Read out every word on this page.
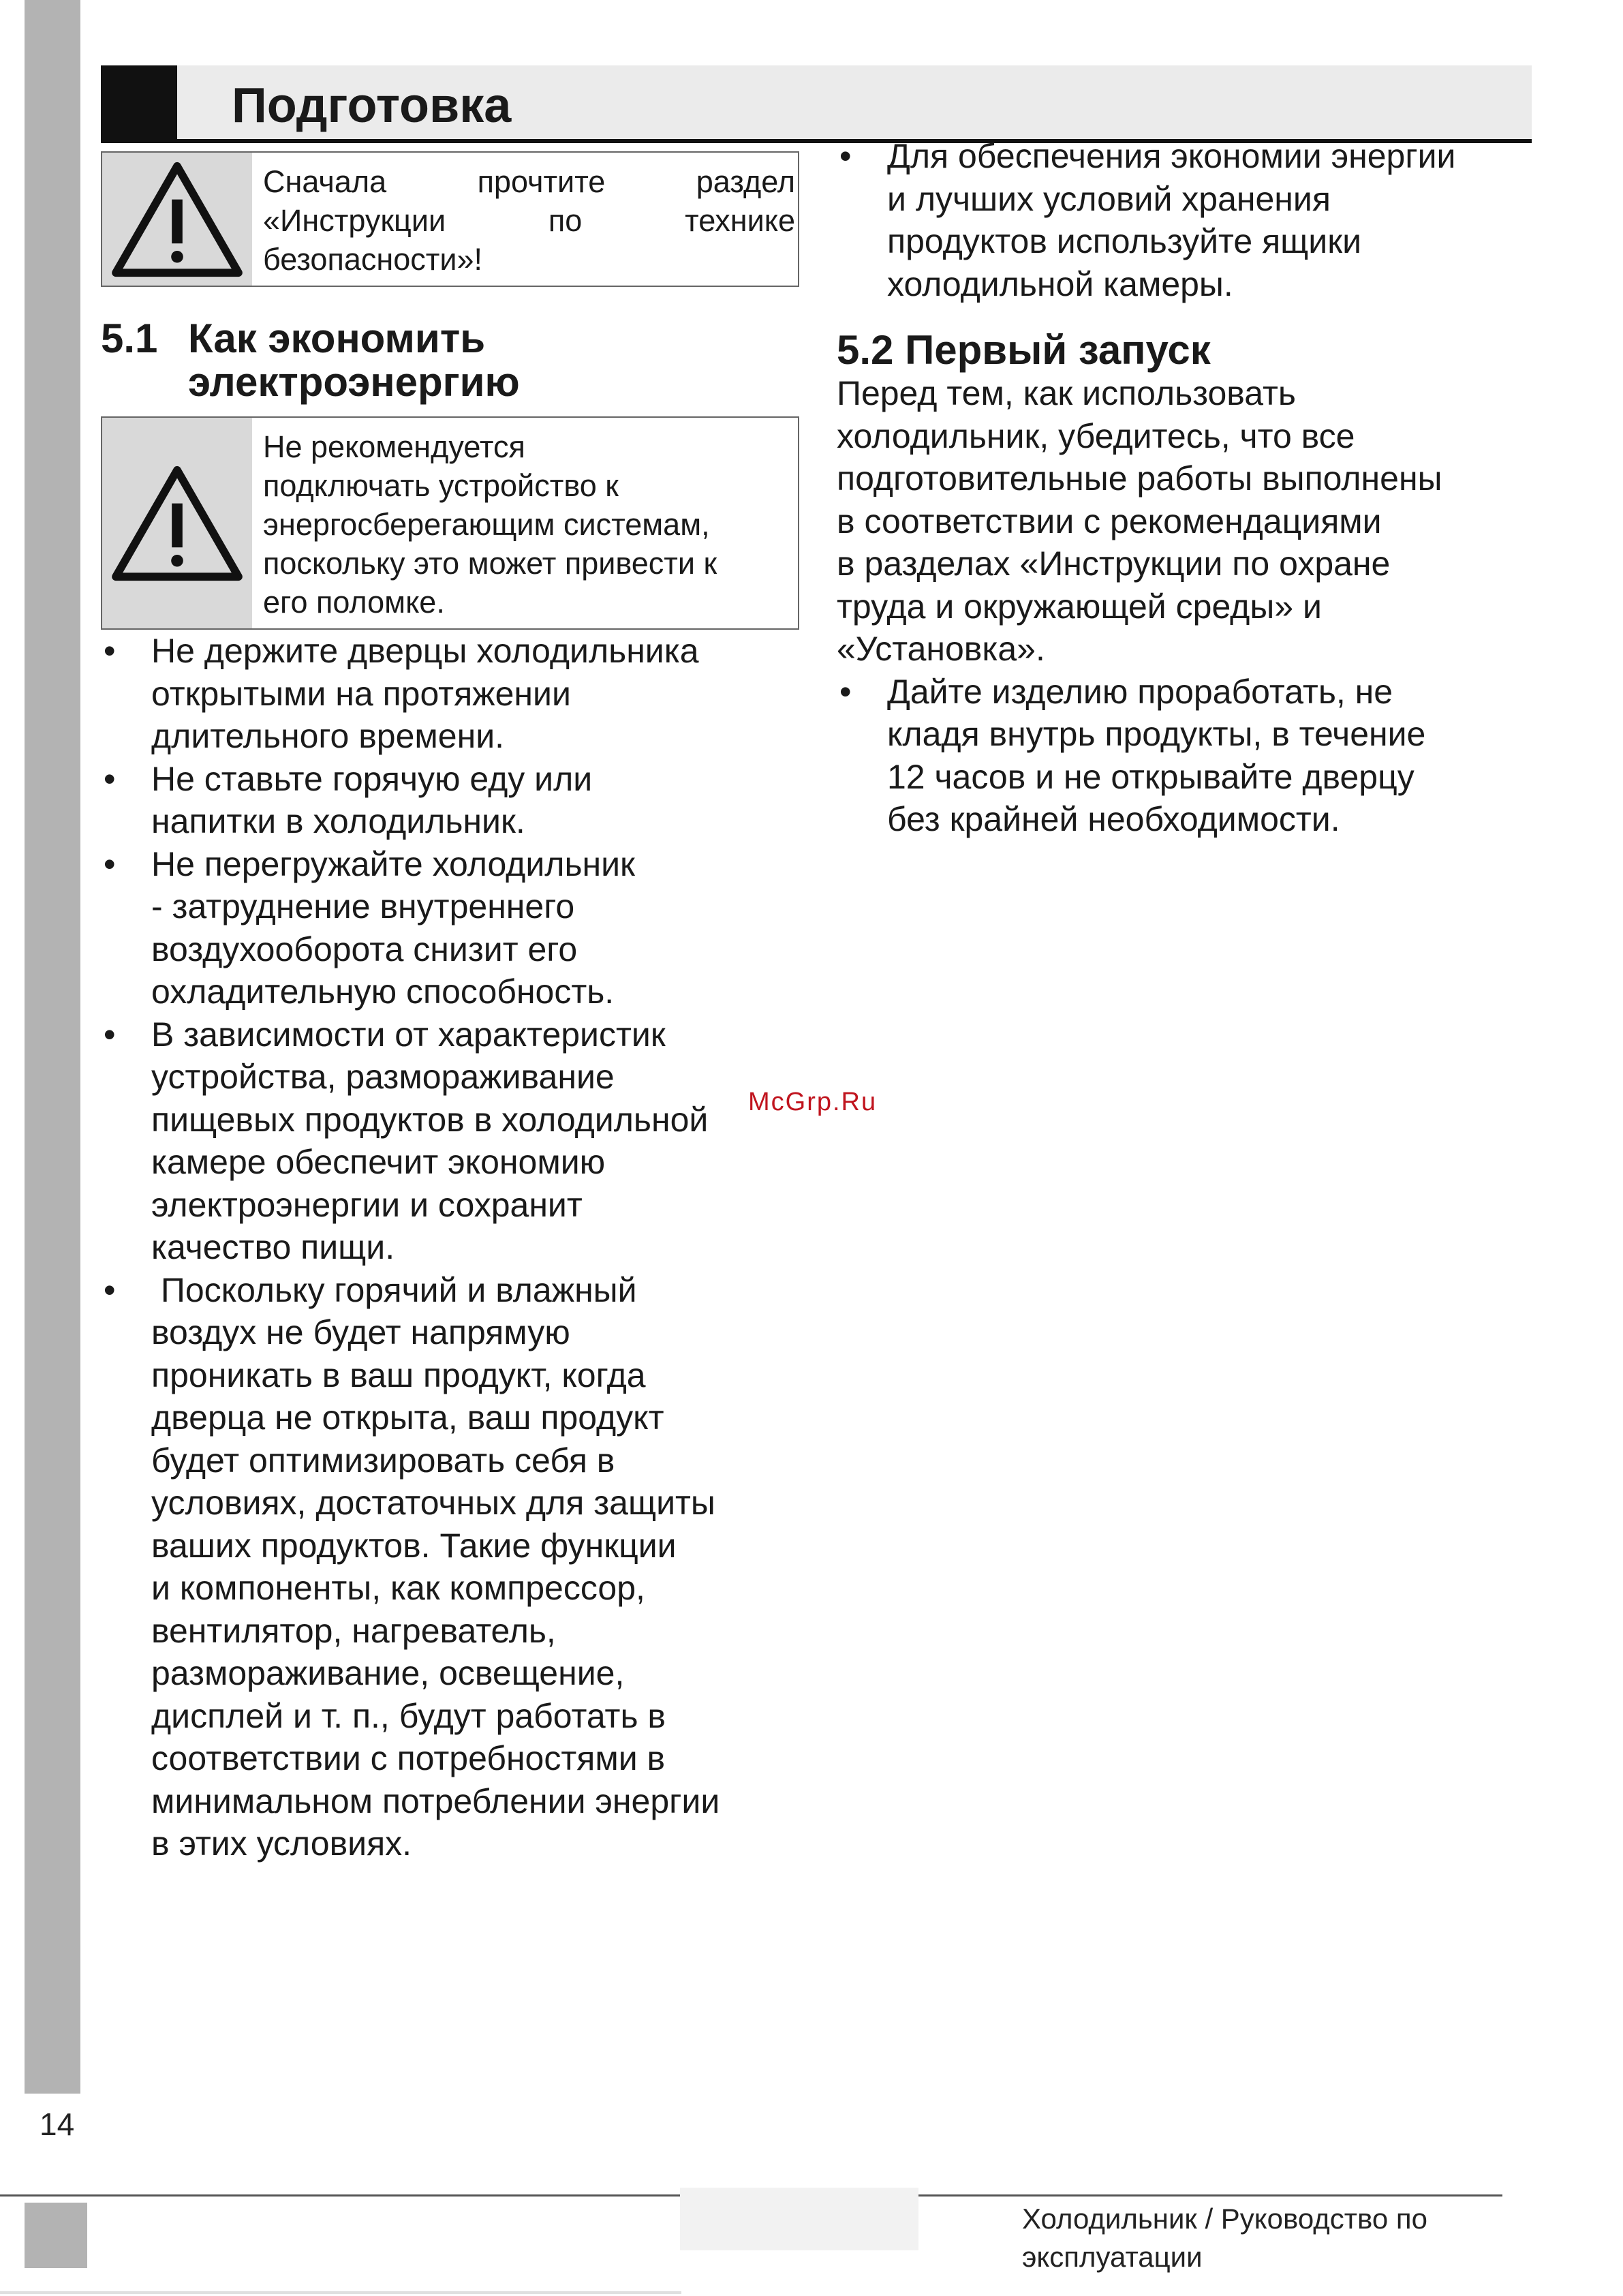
14
Подготовка
Сначала прочтите раздел «Инструкции по технике
безопасности»!
5.1 Как экономить
электроэнергию
Не рекомендуется
подключать устройство к
энергосберегающим системам,
поскольку это может привести к
его поломке.
• Не держите дверцы холодильника
открытыми на протяжении
длительного времени.
• Не ставьте горячую еду или
напитки в холодильник.
• Не перегружайте холодильник
- затруднение внутреннего
воздухооборота снизит его
охладительную способность.
• В зависимости от характеристик
устройства, размораживание
пищевых продуктов в холодильной
камере обеспечит экономию
электроэнергии и сохранит
качество пищи.
• Поскольку горячий и влажный
воздух не будет напрямую
проникать в ваш продукт, когда
дверца не открыта, ваш продукт
будет оптимизировать себя в
условиях, достаточных для защиты
ваших продуктов. Такие функции
и компоненты, как компрессор,
вентилятор, нагреватель,
размораживание, освещение,
дисплей и т. п., будут работать в
соответствии с потребностями в
минимальном потреблении энергии
в этих условиях.
• Для обеспечения экономии энергии
и лучших условий хранения
продуктов используйте ящики
холодильной камеры.
5.2 Первый запуск
Перед тем, как использовать
холодильник, убедитесь, что все
подготовительные работы выполнены
в соответствии с рекомендациями
в разделах «Инструкции по охране
труда и окружающей среды» и
«Установка».
• Дайте изделию проработать, не
кладя внутрь продукты, в течение
12 часов и не открывайте дверцу
без крайней необходимости.
McGrp.Ru
Холодильник / Руководство по
эксплуатации
